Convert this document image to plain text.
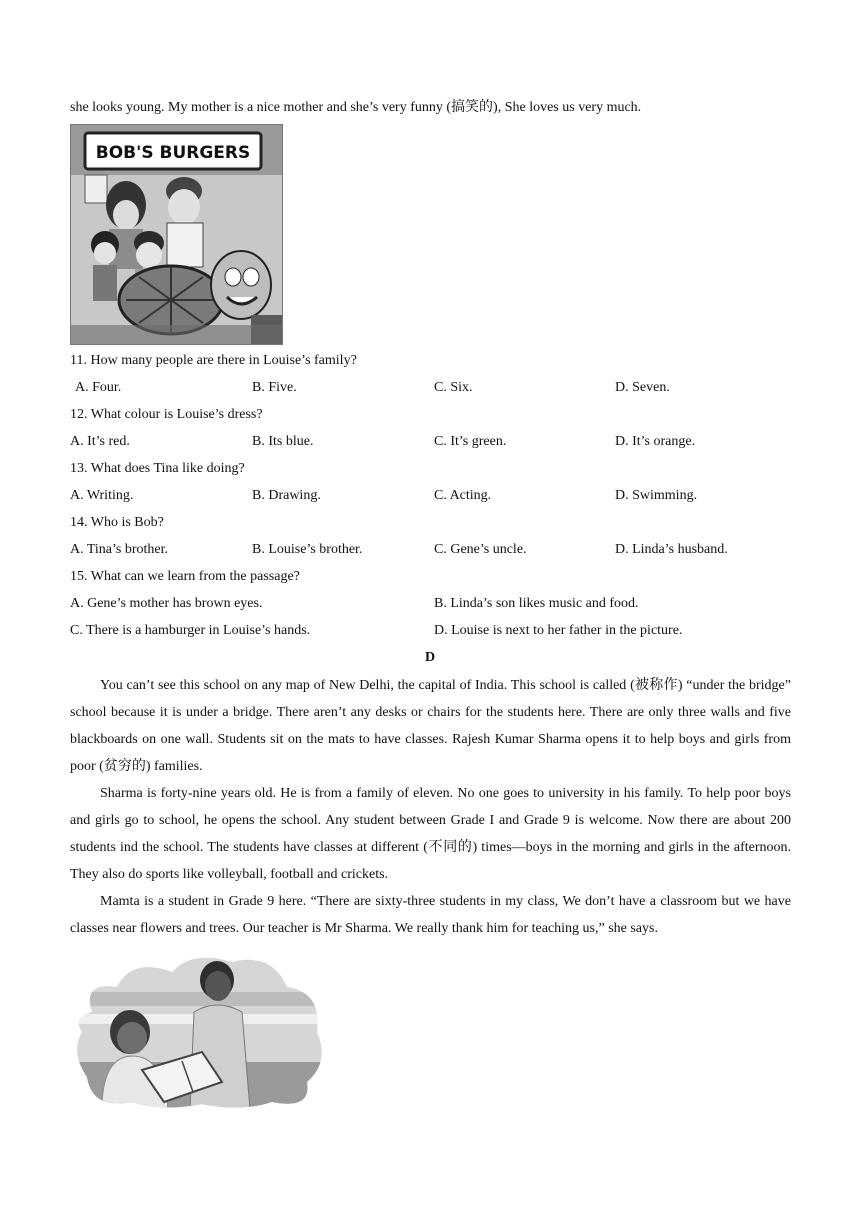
she looks young. My mother is a nice mother and she’s very funny (搞笑的), She loves us very much.
BOB'S BURGERS
11. How many people are there in Louise’s family?
A. Four.	B. Five.	C. Six.	D. Seven.
12. What colour is Louise’s dress?
A. It’s red.	B. Its blue.	C. It’s green.	D. It’s orange.
13. What does Tina like doing?
A. Writing.	B. Drawing.	C. Acting.	D. Swimming.
14. Who is Bob?
A. Tina’s brother.	B. Louise’s brother.	C. Gene’s uncle.	D. Linda’s husband.
15. What can we learn from the passage?
A. Gene’s mother has brown eyes.	B. Linda’s son likes music and food.
C. There is a hamburger in Louise’s hands.	D. Louise is next to her father in the picture.
D
You can’t see this school on any map of New Delhi, the capital of India. This school is called (被称作) “under the bridge” school because it is under a bridge. There aren’t any desks or chairs for the students here. There are only three walls and five blackboards on one wall. Students sit on the mats to have classes. Rajesh Kumar Sharma opens it to help boys and girls from poor (贫穷的) families.
Sharma is forty-nine years old. He is from a family of eleven. No one goes to university in his family. To help poor boys and girls go to school, he opens the school. Any student between Grade I and Grade 9 is welcome. Now there are about 200 students ind the school. The students have classes at different (不同的) times—boys in the morning and girls in the afternoon. They also do sports like volleyball, football and crickets.
Mamta is a student in Grade 9 here. “There are sixty-three students in my class, We don’t have a classroom but we have classes near flowers and trees. Our teacher is Mr Sharma. We really thank him for teaching us,” she says.
